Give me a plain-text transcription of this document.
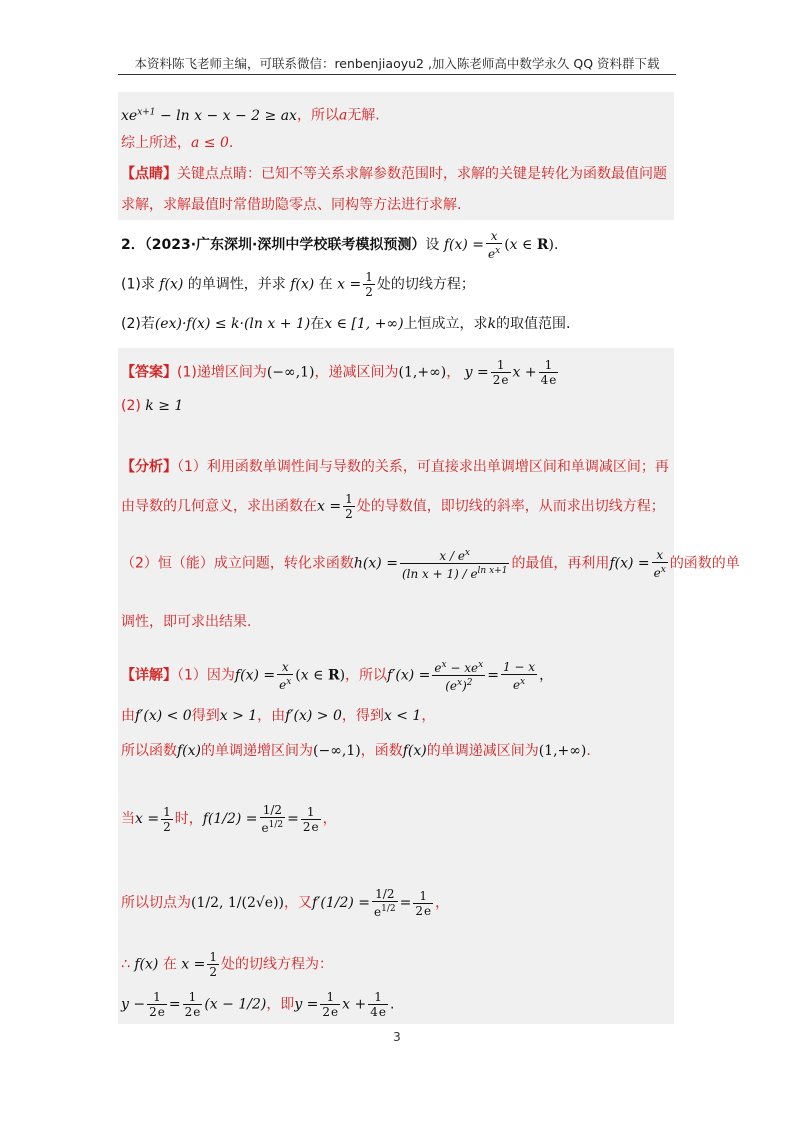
本资料陈飞老师主编，可联系微信：renbenjiaoyu2 ,加入陈老师高中数学永久 QQ 资料群下载
$xe^{x+1} - \ln x - x - 2$ ≥ ax，所以a无解.
综上所述，a ≤ 0.
【点睛】关键点点睛：已知不等关系求解参数范围时，求解的关键是转化为函数最值问题
求解，求解最值时常借助隐零点、同构等方法进行求解.
2．（2023·广东深圳·深圳中学校联考模拟预测）设 $f(x) = \frac{x}{e^x} (x$ ∈ R).
(1)求 f(x) 的单调性，并求 f(x) 在 $x = \frac{1}{2}$ 处的切线方程；
(2)若(ex)·f(x) ≤ k·(ln x + 1)在x ∈ [1, +∞)上恒成立，求k的取值范围.
【答案】(1)递增区间为(−∞,1)，递减区间为(1,+∞)， $y = \frac{1}{2e}$ $x + \frac{1}{4e}$
(2) k ≥ 1
【分析】（1）利用函数单调性间与导数的关系，可直接求出单调增区间和单调减区间；再
由导数的几何意义，求出函数在$x = \frac{1}{2}$ 处的导数值，即切线的斜率，从而求出切线方程；
（2）恒（能）成立问题，转化求函数$h(x) = \frac{x / e^x}{(\ln x + 1) / e^{ln x+1}}$ 的最值，再利用$f(x) = \frac{x}{e^x}$ 的函数的单
调性，即可求出结果.
【详解】（1）因为$f(x) = \frac{x}{e^x} (x$ ∈ R)，所以$f'(x) = \frac{e^x - xe^x}{(e^x)^2} = \frac{1 - x}{e^x}$ ，
由f′(x) < 0得到x > 1，由f′(x) > 0，得到x < 1，
所以函数f(x)的单调递增区间为(−∞,1)，函数f(x)的单调递减区间为(1,+∞).
当$x = \frac{1}{2}$ 时，$f(1/2) = \frac{1/2}{e^{1/2}} = \frac{1}{2e}$ ，
所以切点为(1/2, 1/(2√e))，又$f'(1/2) = \frac{1/2}{e^{1/2}} = \frac{1}{2e}$ ，
∴ f(x) 在 $x = \frac{1}{2}$ 处的切线方程为：
$y - \frac{1}{2e} = \frac{1}{2e} (x - 1/2)$，即$y = \frac{1}{2e}$ $x + \frac{1}{4e}$ .
3
